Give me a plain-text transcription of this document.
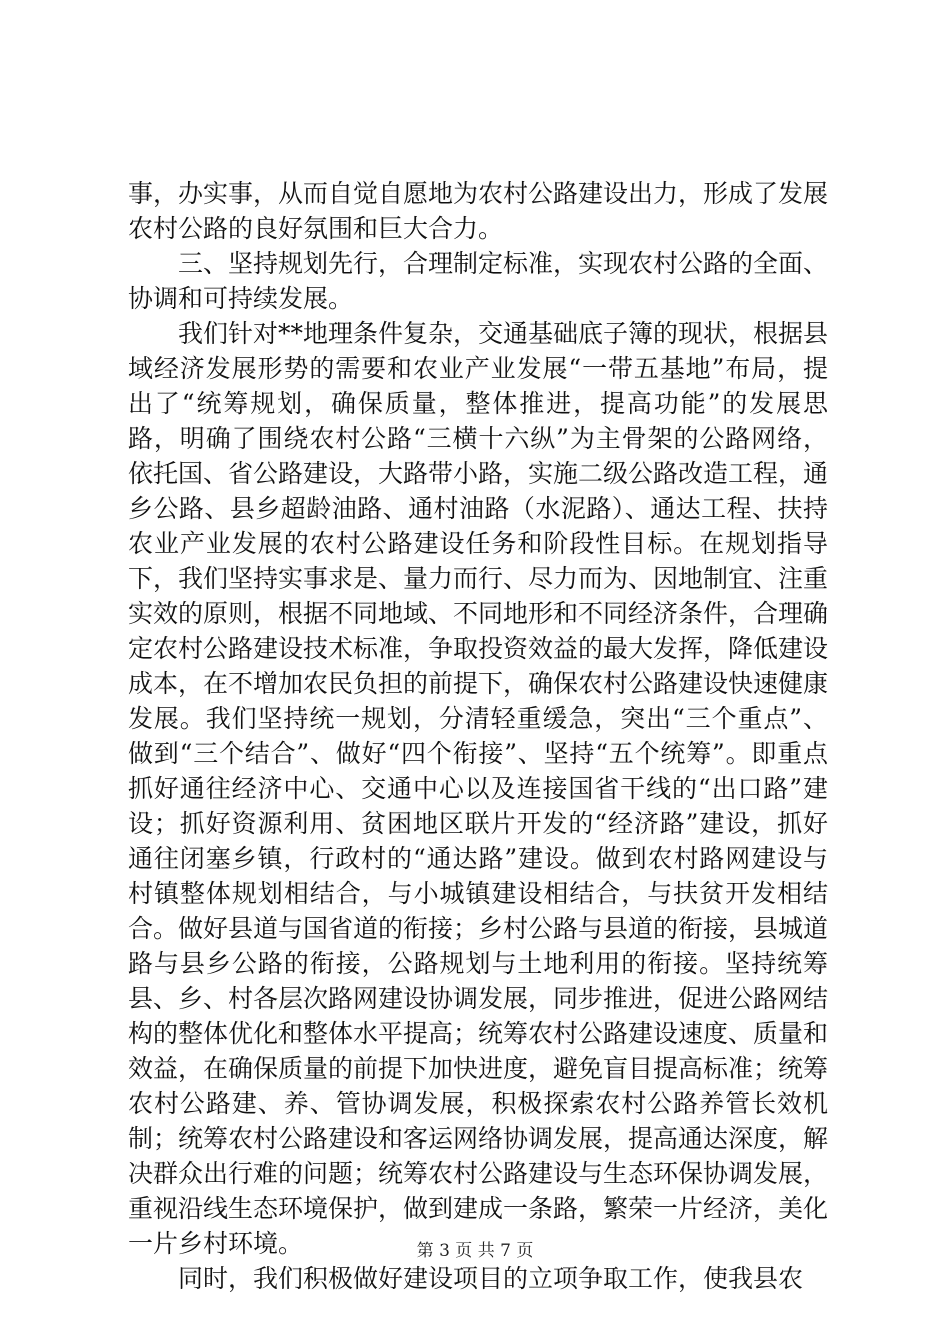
事，办实事，从而自觉自愿地为农村公路建设出力，形成了发展农村公路的良好氛围和巨大合力。

三、坚持规划先行，合理制定标准，实现农村公路的全面、协调和可持续发展。

我们针对**地理条件复杂，交通基础底子簿的现状，根据县域经济发展形势的需要和农业产业发展“一带五基地”布局，提出了“统筹规划，确保质量，整体推进，提高功能”的发展思路，明确了围绕农村公路“三横十六纵”为主骨架的公路网络，依托国、省公路建设，大路带小路，实施二级公路改造工程，通乡公路、县乡超龄油路、通村油路（水泥路）、通达工程、扶持农业产业发展的农村公路建设任务和阶段性目标。在规划指导下，我们坚持实事求是、量力而行、尽力而为、因地制宜、注重实效的原则，根据不同地域、不同地形和不同经济条件，合理确定农村公路建设技术标准，争取投资效益的最大发挥，降低建设成本，在不增加农民负担的前提下，确保农村公路建设快速健康发展。我们坚持统一规划，分清轻重缓急，突出“三个重点”、做到“三个结合”、做好“四个衔接”、坚持“五个统筹”。即重点抓好通往经济中心、交通中心以及连接国省干线的“出口路”建设；抓好资源利用、贫困地区联片开发的“经济路”建设，抓好通往闭塞乡镇，行政村的“通达路”建设。做到农村路网建设与村镇整体规划相结合，与小城镇建设相结合，与扶贫开发相结合。做好县道与国省道的衔接；乡村公路与县道的衔接，县城道路与县乡公路的衔接，公路规划与土地利用的衔接。坚持统筹县、乡、村各层次路网建设协调发展，同步推进，促进公路网结构的整体优化和整体水平提高；统筹农村公路建设速度、质量和效益，在确保质量的前提下加快进度，避免盲目提高标准；统筹农村公路建、养、管协调发展，积极探索农村公路养管长效机制；统筹农村公路建设和客运网络协调发展，提高通达深度，解决群众出行难的问题；统筹农村公路建设与生态环保协调发展，重视沿线生态环境保护，做到建成一条路，繁荣一片经济，美化一片乡村环境。

同时，我们积极做好建设项目的立项争取工作，使我县农

第 3 页 共 7 页
